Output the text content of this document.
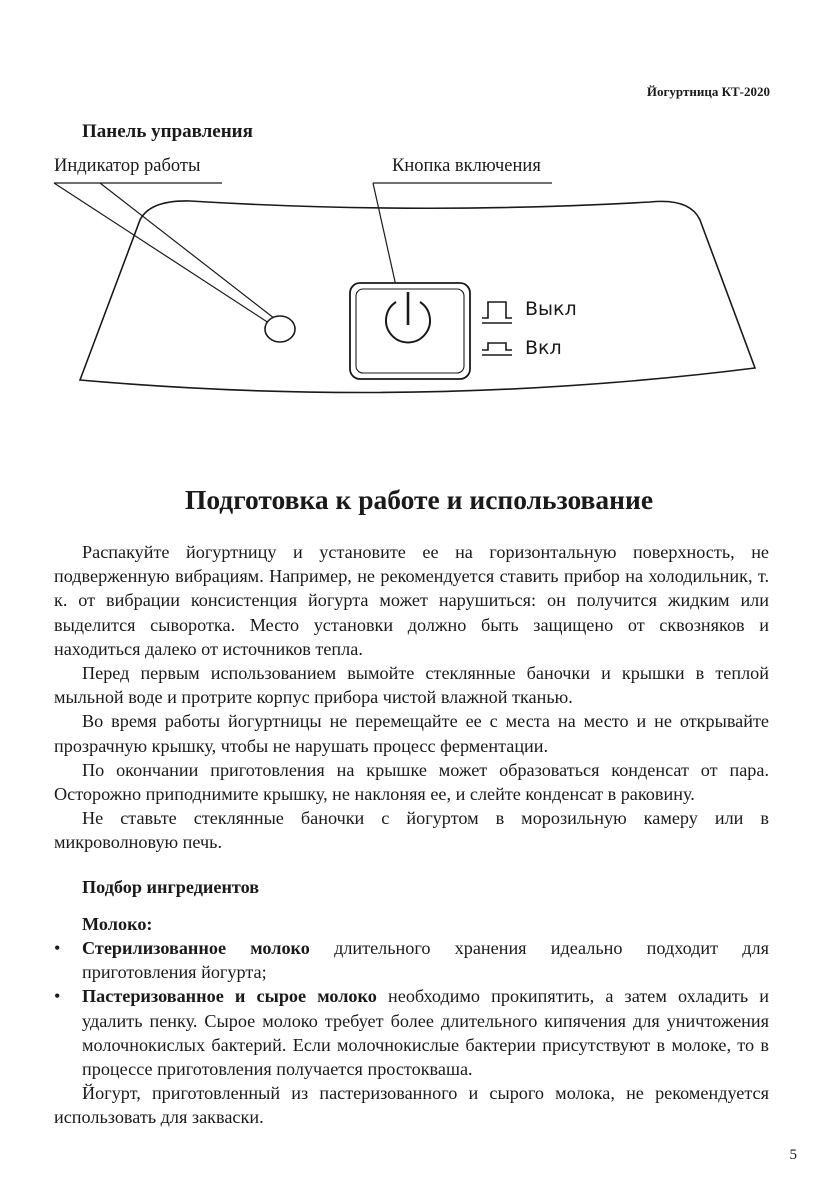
Йогуртница КТ-2020
Панель управления
Индикатор работы	Кнопка включения
Выкл
Вкл
Подготовка к работе и использование

Распакуйте йогуртницу и установите ее на горизонтальную поверхность, не подверженную вибрациям. Например, не рекомендуется ставить прибор на холодильник, т. к. от вибрации консистенция йогурта может нарушиться: он получится жидким или выделится сыворотка. Место установки должно быть защищено от сквозняков и находиться далеко от источников тепла.

Перед первым использованием вымойте стеклянные баночки и крышки в теплой мыльной воде и протрите корпус прибора чистой влажной тканью.

Во время работы йогуртницы не перемещайте ее с места на место и не открывайте прозрачную крышку, чтобы не нарушать процесс ферментации.

По окончании приготовления на крышке может образоваться конденсат от пара. Осторожно приподнимите крышку, не наклоняя ее, и слейте конденсат в раковину.

Не ставьте стеклянные баночки с йогуртом в морозильную камеру или в микроволновую печь.

Подбор ингредиентов
Молоко:
• Стерилизованное молоко длительного хранения идеально подходит для приготовления йогурта;
• Пастеризованное и сырое молоко необходимо прокипятить, а затем охладить и удалить пенку. Сырое молоко требует более длительного кипячения для уничтожения молочнокислых бактерий. Если молочнокислые бактерии присутствуют в молоке, то в процессе приготовления получается простокваша.

Йогурт, приготовленный из пастеризованного и сырого молока, не рекомендуется использовать для закваски.

5
